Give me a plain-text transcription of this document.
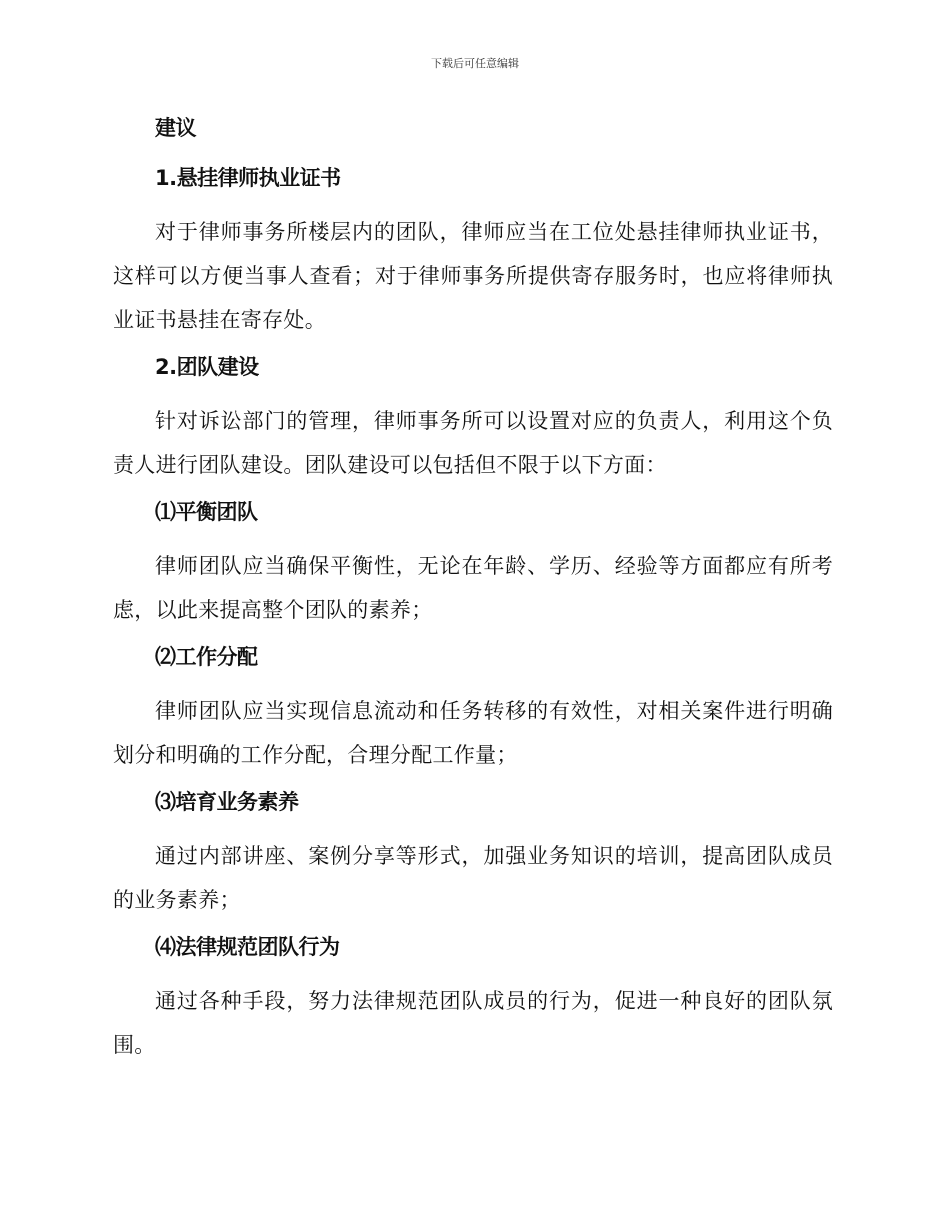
下载后可任意编辑
建议
1.悬挂律师执业证书

对于律师事务所楼层内的团队，律师应当在工位处悬挂律师执业证书，这样可以方便当事人查看；对于律师事务所提供寄存服务时，也应将律师执业证书悬挂在寄存处。

2.团队建设

针对诉讼部门的管理，律师事务所可以设置对应的负责人，利用这个负责人进行团队建设。团队建设可以包括但不限于以下方面：

⑴平衡团队

律师团队应当确保平衡性，无论在年龄、学历、经验等方面都应有所考虑，以此来提高整个团队的素养；

⑵工作分配

律师团队应当实现信息流动和任务转移的有效性，对相关案件进行明确划分和明确的工作分配，合理分配工作量；

⑶培育业务素养

通过内部讲座、案例分享等形式，加强业务知识的培训，提高团队成员的业务素养；

⑷法律规范团队行为

通过各种手段，努力法律规范团队成员的行为，促进一种良好的团队氛围。
